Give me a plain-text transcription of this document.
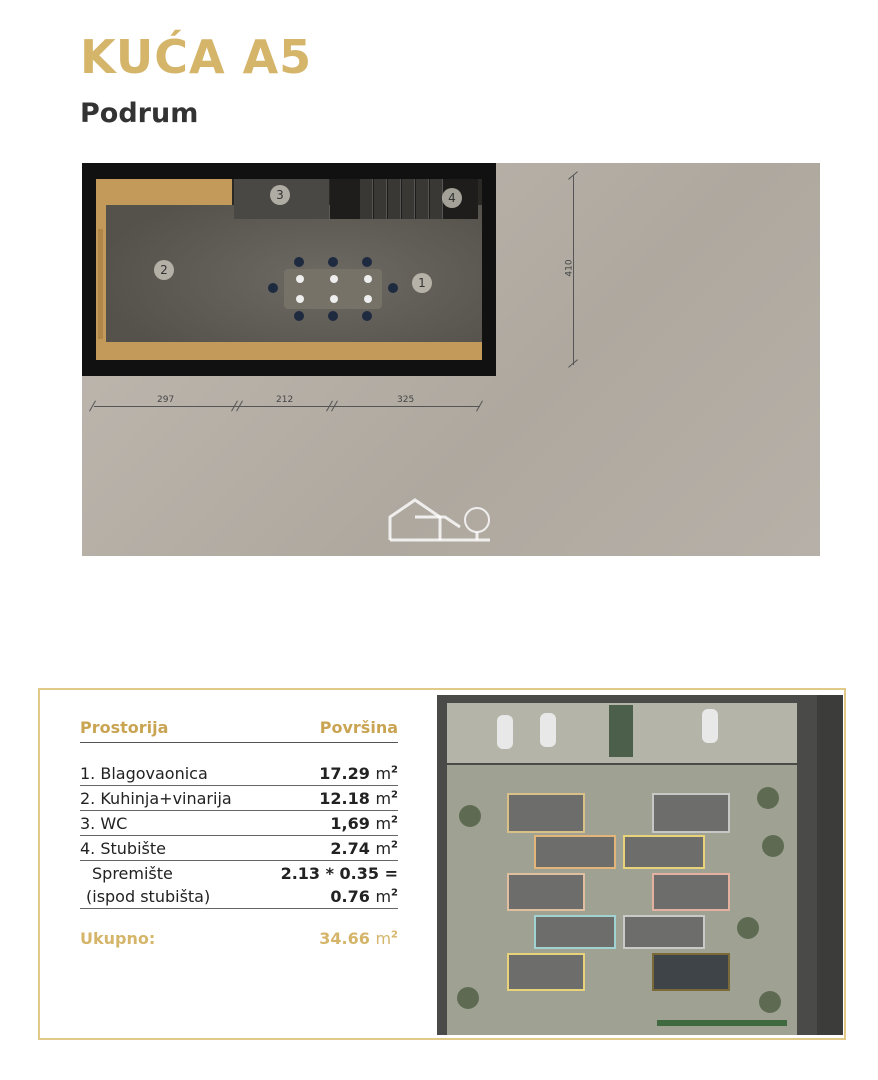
KUĆA A5
Podrum
1
2
3	4
410
297	212	325
ISTRIA PROPERTIES
Prostorija	Površina
1. Blagovaonica	17.29 $m^2$
2. Kuhinja+vinarija	12.18 $m^2$
3. WC	1,69 $m^2$
4. Stubište	2.74 $m^2$
Spremište	2.13 * 0.35 =
(ispod stubišta)	0.76 $m^2$
Ukupno:	34.66 $m^2$
